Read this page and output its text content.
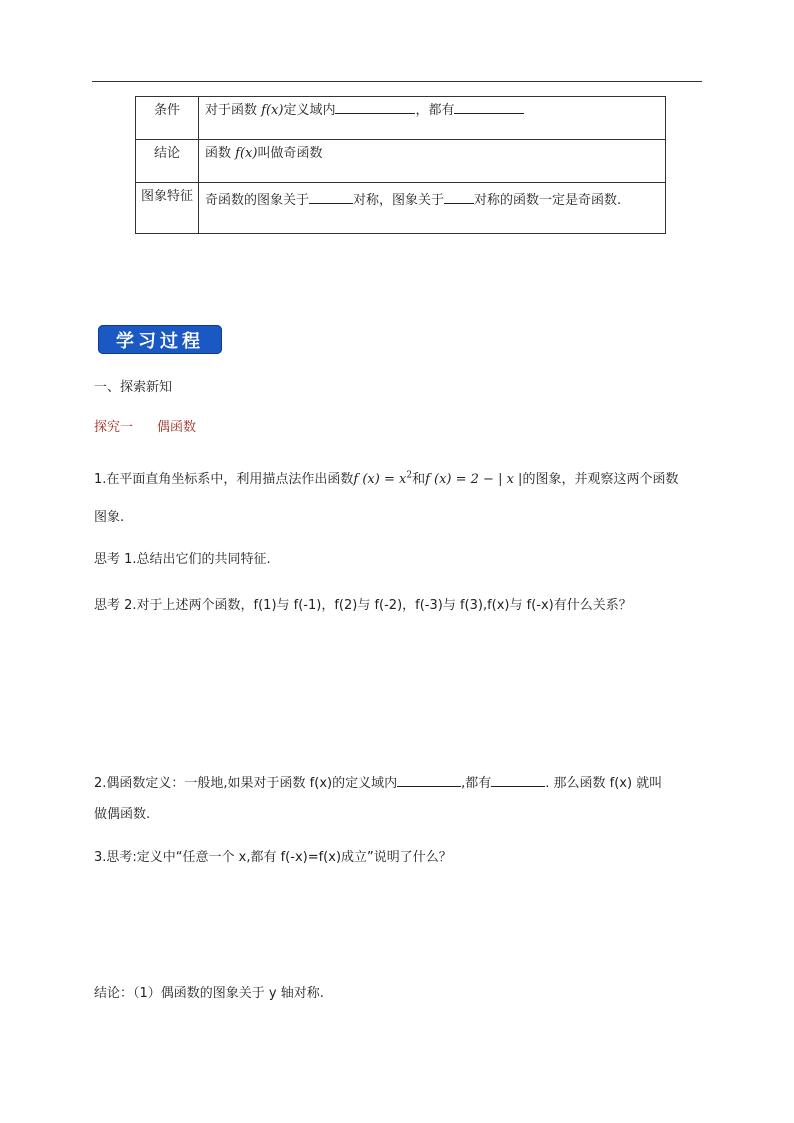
条件	对于函数 f(x)定义域内 ，都有
结论	函数 f(x)叫做奇函数
图象特征	奇函数的图象关于 对称，图象关于 对称的函数一定是奇函数.
学习过程
一、探索新知
探究一 偶函数
1.在平面直角坐标系中，利用描点法作出函数f $(x) = x^2$和f (x) = 2 − | x |的图象，并观察这两个函数
图象.
思考 1.总结出它们的共同特征.
思考 2.对于上述两个函数，f(1)与 f(-1)，f(2)与 f(-2)，f(-3)与 f(3),f(x)与 f(-x)有什么关系？
2.偶函数定义：一般地,如果对于函数 f(x)的定义域内	,都有	. 那么函数 f(x) 就叫
做偶函数.
3.思考:定义中“任意一个 x,都有 f(-x)=f(x)成立”说明了什么？
结论：（1）偶函数的图象关于 y 轴对称.
